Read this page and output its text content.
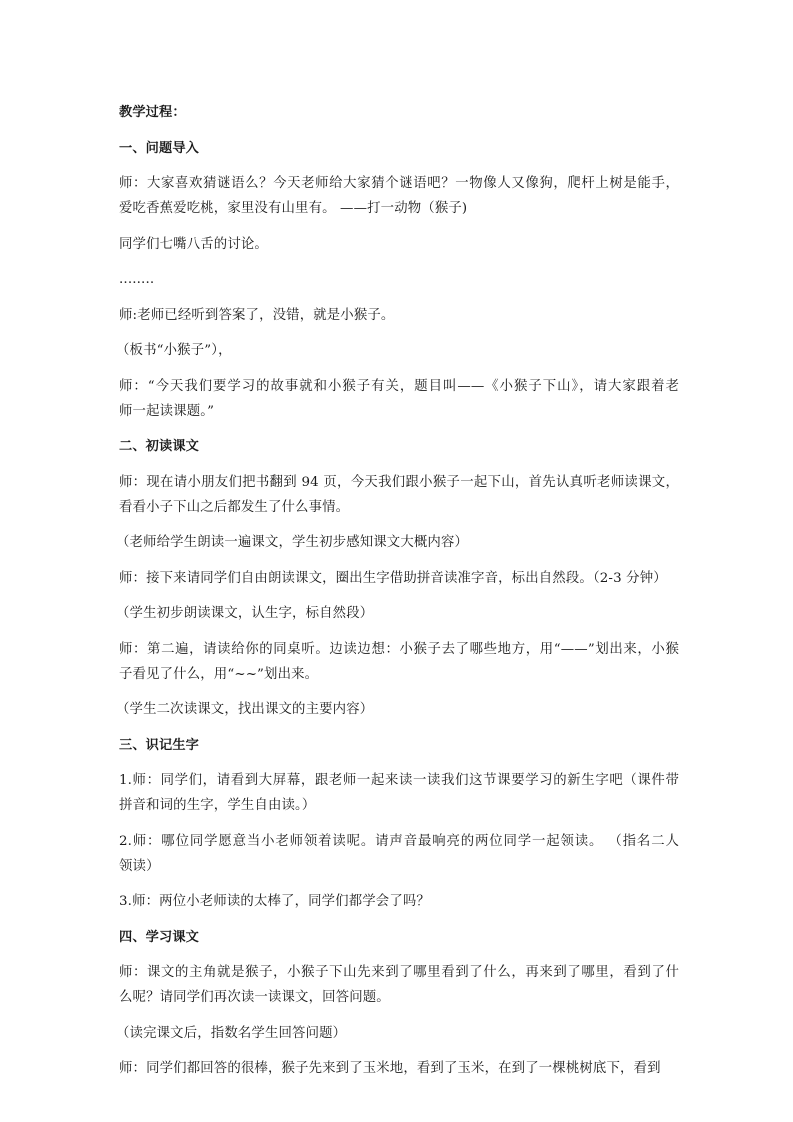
教学过程：

一、问题导入

师：大家喜欢猜谜语么？今天老师给大家猜个谜语吧？一物像人又像狗，爬杆上树是能手，

爱吃香蕉爱吃桃，家里没有山里有。 ——打一动物（猴子)

同学们七嘴八舌的讨论。

........

师:老师已经听到答案了，没错，就是小猴子。

（板书“小猴子”），

师：“今天我们要学习的故事就和小猴子有关，题目叫——《小猴子下山》，请大家跟着老

师一起读课题。”

二、初读课文

师：现在请小朋友们把书翻到 94 页，今天我们跟小猴子一起下山，首先认真听老师读课文，

看看小子下山之后都发生了什么事情。

（老师给学生朗读一遍课文，学生初步感知课文大概内容）

师：接下来请同学们自由朗读课文，圈出生字借助拼音读准字音，标出自然段。（2-3 分钟）

（学生初步朗读课文，认生字，标自然段）

师：第二遍，请读给你的同桌听。边读边想：小猴子去了哪些地方，用“——”划出来，小猴

子看见了什么，用“~~”划出来。

（学生二次读课文，找出课文的主要内容）

三、识记生字

1.师：同学们，请看到大屏幕，跟老师一起来读一读我们这节课要学习的新生字吧（课件带

拼音和词的生字，学生自由读。）

2.师：哪位同学愿意当小老师领着读呢。请声音最响亮的两位同学一起领读。 （指名二人

领读）

3.师：两位小老师读的太棒了，同学们都学会了吗？

四、学习课文

师：课文的主角就是猴子，小猴子下山先来到了哪里看到了什么，再来到了哪里，看到了什

么呢？请同学们再次读一读课文，回答问题。

（读完课文后，指数名学生回答问题）

师：同学们都回答的很棒，猴子先来到了玉米地，看到了玉米，在到了一棵桃树底下，看到
